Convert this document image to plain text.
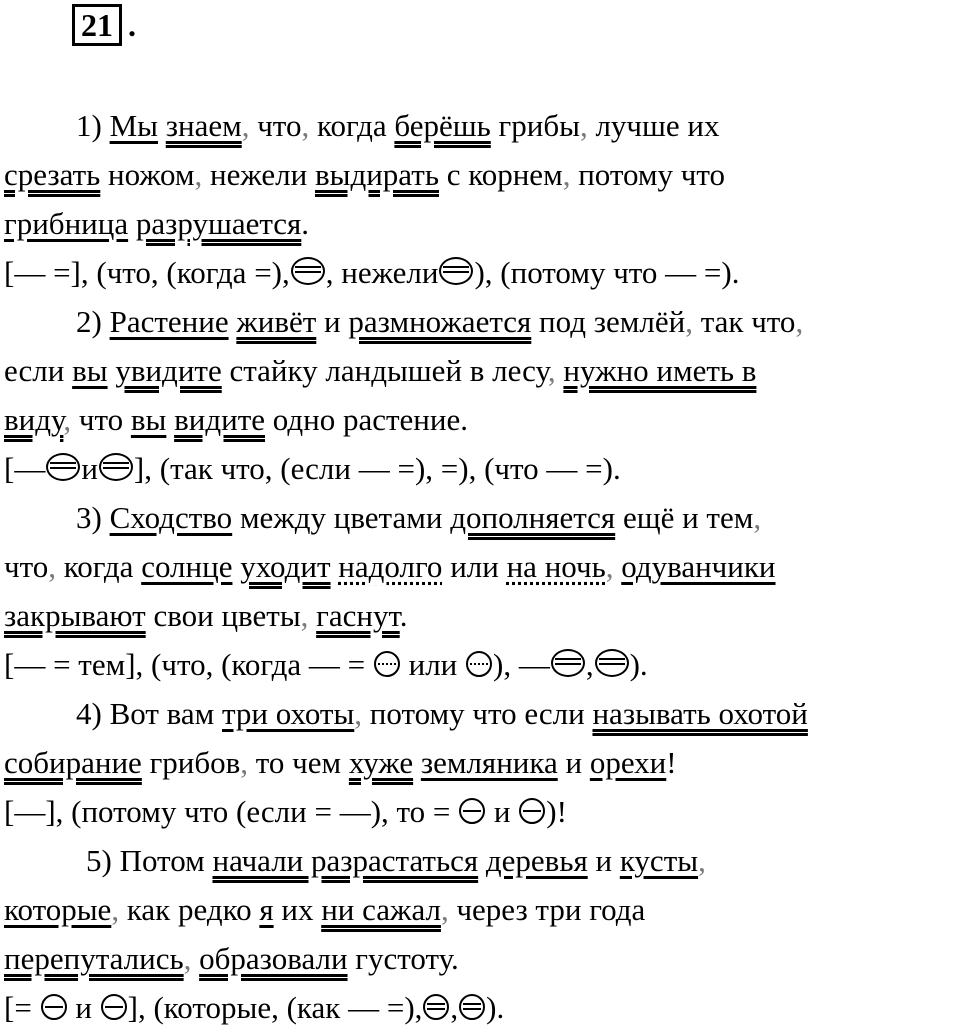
21 .
1) Мы знаем, что, когда берёшь грибы, лучше их
срезать ножом, нежели выдирать с корнем, потому что
грибница разрушается.
[— =], (что, (когда =), , нежели ), (потому что — =).
2) Растение живёт и размножается под землёй, так что,
если вы увидите стайку ландышей в лесу, нужно иметь в
виду, что вы видите одно растение.
[— и ], (так что, (если — =), =), (что — =).
3) Сходство между цветами дополняется ещё и тем,
что, когда солнце уходит надолго или на ночь, одуванчики
закрывают свои цветы, гаснут.
[— = тем], (что, (когда — =  или ), — , ).
4) Вот вам три охоты, потому что если называть охотой
собирание грибов, то чем хуже земляника и орехи!
[—], (потому что (если = —), то =  и )!
5) Потом начали разрастаться деревья и кусты,
которые, как редко я их ни сажал, через три года
перепутались, образовали густоту.
[=  и ], (которые, (как — =), , ).
